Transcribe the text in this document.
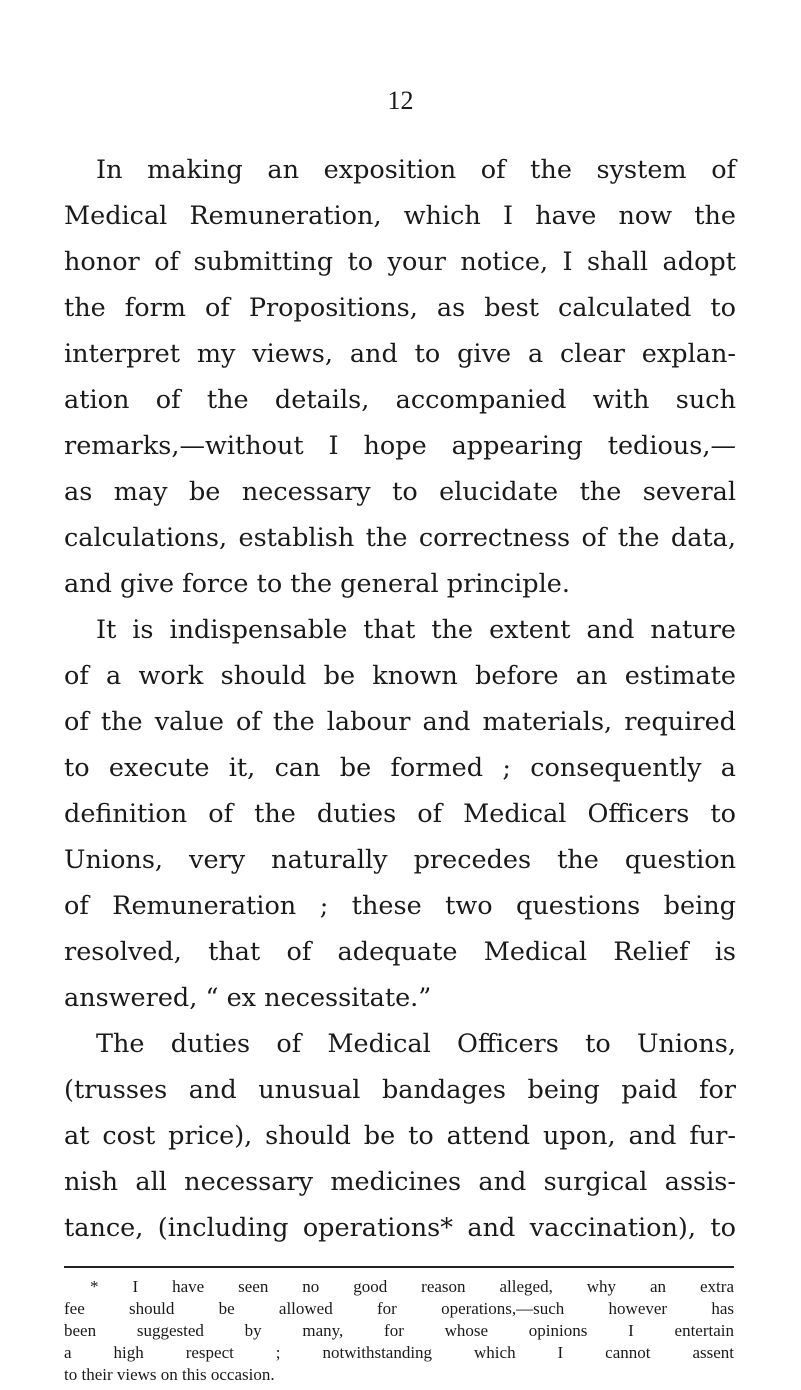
12
In making an exposition of the system of
Medical Remuneration, which I have now the
honor of submitting to your notice, I shall adopt
the form of Propositions, as best calculated to
interpret my views, and to give a clear explan-
ation of the details, accompanied with such
remarks,—without I hope appearing tedious,—
as may be necessary to elucidate the several
calculations, establish the correctness of the data,
and give force to the general principle.
It is indispensable that the extent and nature
of a work should be known before an estimate
of the value of the labour and materials, required
to execute it, can be formed ; consequently a
definition of the duties of Medical Officers to
Unions, very naturally precedes the question
of Remuneration ; these two questions being
resolved, that of adequate Medical Relief is
answered, “ ex necessitate.”
The duties of Medical Officers to Unions,
(trusses and unusual bandages being paid for
at cost price), should be to attend upon, and fur-
nish all necessary medicines and surgical assis-
tance, (including operations* and vaccination), to
* I have seen no good reason alleged, why an extra
fee should be allowed for operations,—such however has
been suggested by many, for whose opinions I entertain
a high respect ; notwithstanding which I cannot assent
to their views on this occasion.
